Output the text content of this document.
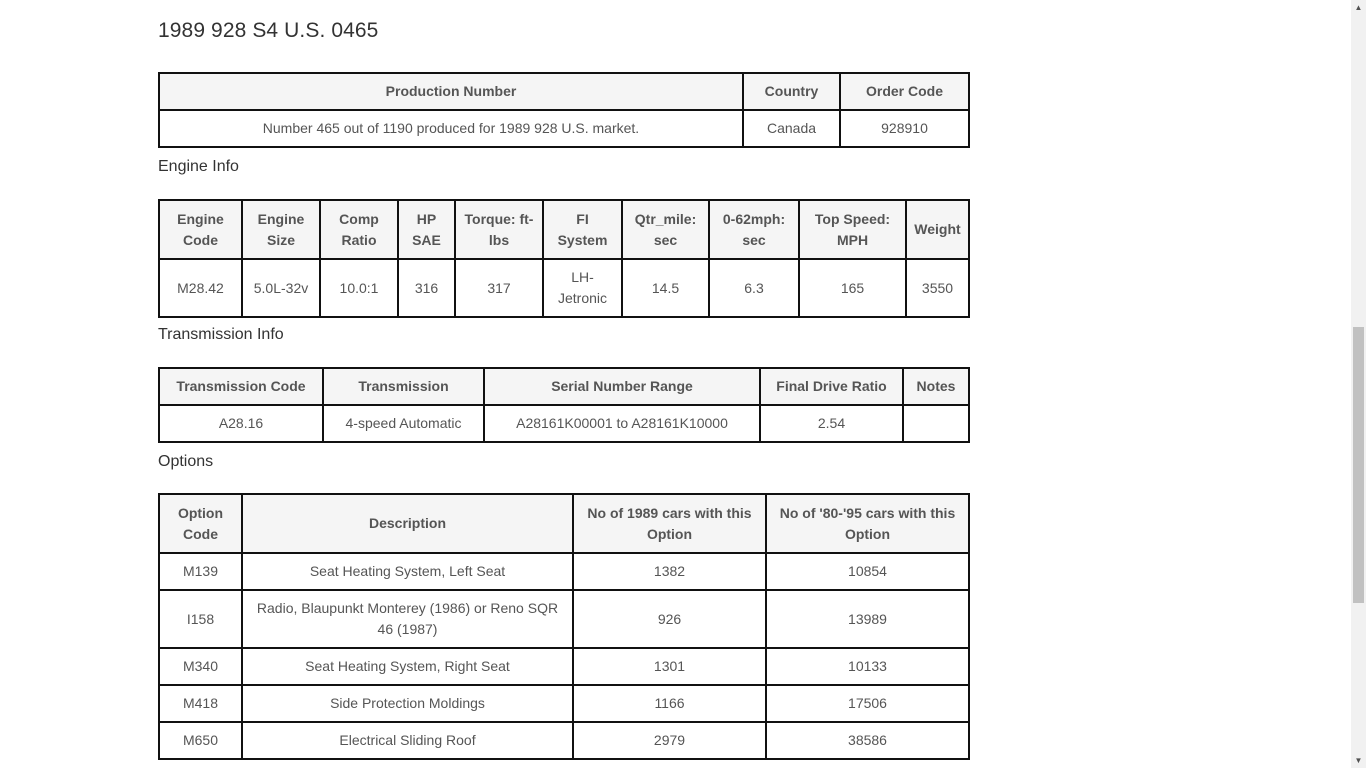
1989 928 S4 U.S. 0465
Production Number	Country	Order Code
Number 465 out of 1190 produced for 1989 928 U.S. market.	Canada	928910
Engine Info
Engine Code	Engine Size	Comp Ratio	HP SAE	Torque: ft-lbs	FI System	Qtr_mile: sec	0-62mph: sec	Top Speed: MPH	Weight
M28.42	5.0L-32v	10.0:1	316	317	LH-Jetronic	14.5	6.3	165	3550
Transmission Info
Transmission Code	Transmission	Serial Number Range	Final Drive Ratio	Notes
A28.16	4-speed Automatic	A28161K00001 to A28161K10000	2.54	
Options
Option Code	Description	No of 1989 cars with this Option	No of '80-'95 cars with this Option
M139	Seat Heating System, Left Seat	1382	10854
I158	Radio, Blaupunkt Monterey (1986) or Reno SQR 46 (1987)	926	13989
M340	Seat Heating System, Right Seat	1301	10133
M418	Side Protection Moldings	1166	17506
M650	Electrical Sliding Roof	2979	38586
▲
▼
